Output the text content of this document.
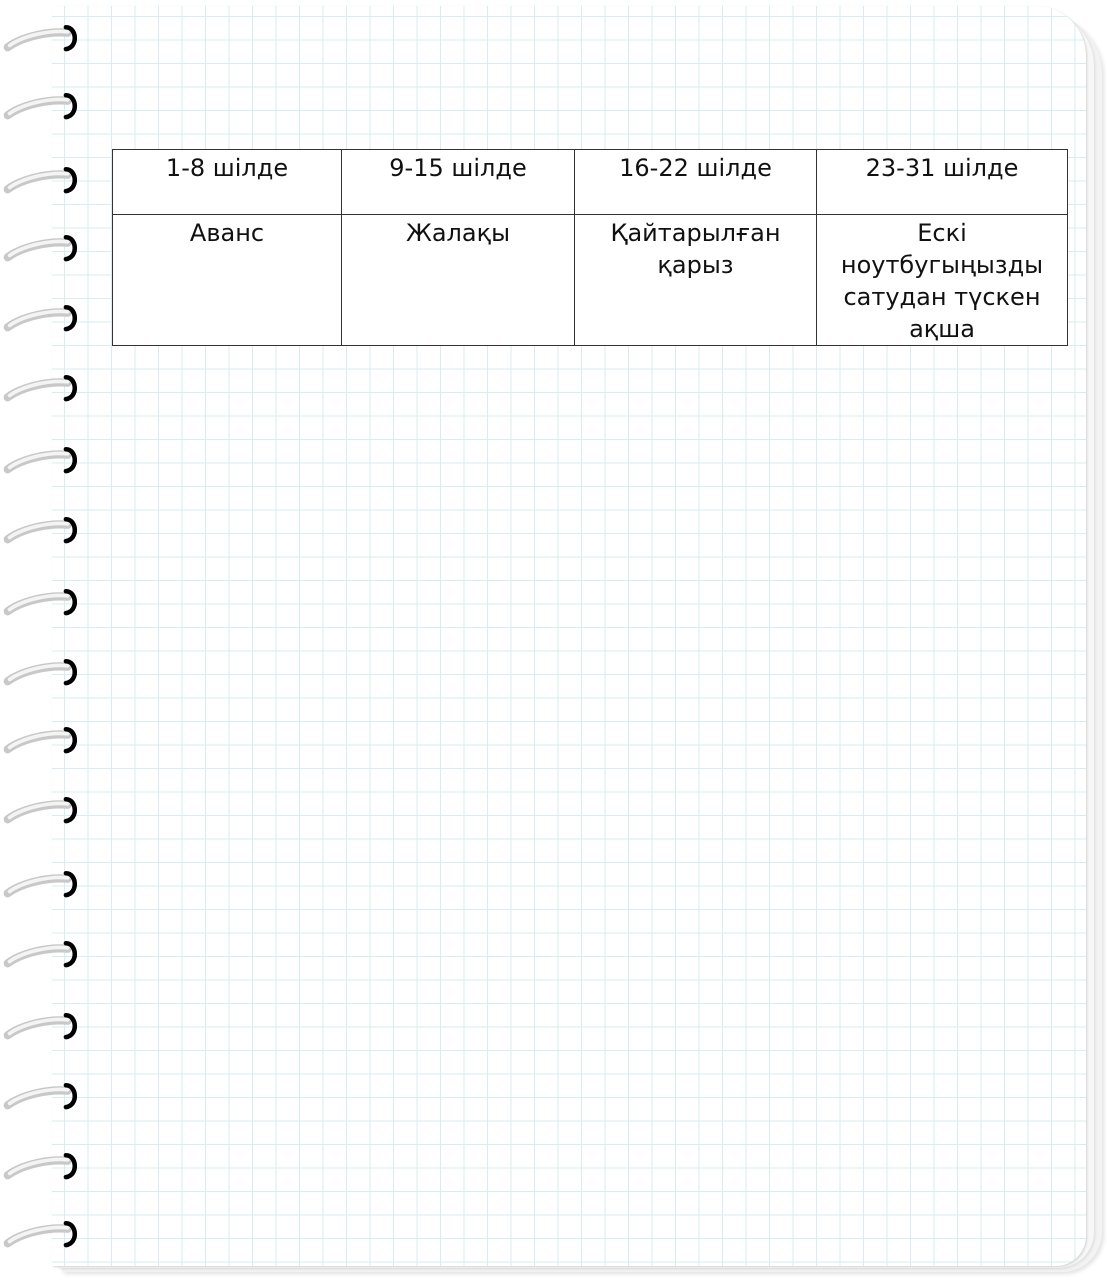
1-8 шілде	9-15 шілде	16-22 шілде	23-31 шілде
Аванс	Жалақы	Қайтарылған қарыз	Ескі ноутбугыңызды сатудан түскен ақша
